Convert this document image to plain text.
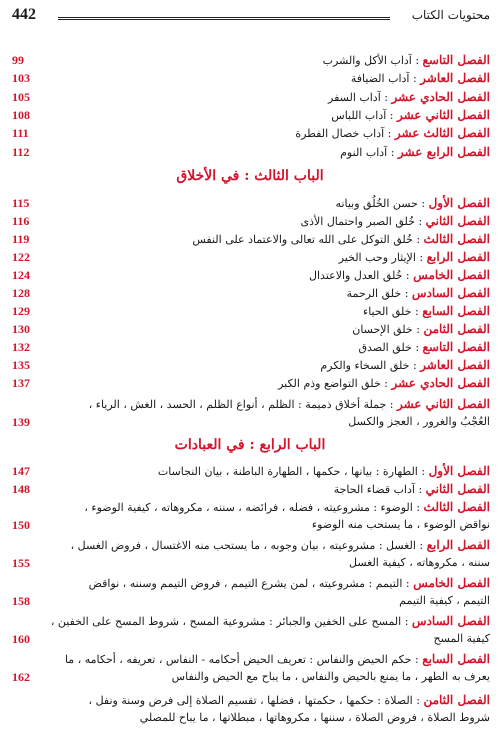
442	محتويات الكتاب
الفصل التاسع : آداب الأكل والشرب
99
الفصل العاشر : آداب الضيافة
103
الفصل الحادي عشر : آداب السفر
105
الفصل الثاني عشر : آداب اللباس
108
الفصل الثالث عشر : آداب خصال الفطرة
111
الفصل الرابع عشر : آداب النوم
112
الباب الثالث : في الأخلاق
الفصل الأول : حسن الخُلُق وبيانه
115
الفصل الثاني : خُلق الصبر واحتمال الأذى
116
الفصل الثالث : خُلق التوكل على الله تعالى والاعتماد على النفس
119
الفصل الرابع : الإيثار وحب الخير
122
الفصل الخامس : خُلق العدل والاعتدال
124
الفصل السادس : خلق الرحمة
128
الفصل السابع : خلق الحياء
129
الفصل الثامن : خلق الإحسان
130
الفصل التاسع : خلق الصدق
132
الفصل العاشر : خلق السخاء والكرم
135
الفصل الحادي عشر : خلق التواضع وذم الكبر
137
الفصل الثاني عشر : جملة أخلاق ذميمة : الظلم ، أنواع الظلم ، الحسد ، الغش ، الرياء ،
العُجْبُ والغرور ، العجز والكسل
139
الباب الرابع : في العبادات
الفصل الأول : الطهارة : بيانها ، حكمها ، الطهارة الباطنة ، بيان النجاسات
147
الفصل الثاني : آداب قضاء الحاجة
148
الفصل الثالث : الوضوء : مشروعيته ، فضله ، فرائضه ، سننه ، مكروهاته ، كيفية الوضوء ،
نواقض الوضوء ، ما يستحب منه الوضوء
150
الفصل الرابع : الغسل : مشروعيته ، بيان وجوبه ، ما يستحب منه الاغتسال ، فروض الغسل ،
سننه ، مكروهاته ، كيفية الغسل
155
الفصل الخامس : التيمم : مشروعيته ، لمن يشرع التيمم ، فروض التيمم وسننه ، نواقض
التيمم ، كيفية التيمم
158
الفصل السادس : المسح على الخفين والجبائر : مشروعية المسح ، شروط المسح على الخفين ،
كيفية المسح
160
الفصل السابع : حكم الحيض والنفاس : تعريف الحيض أحكامه - النفاس ، تعريفه ، أحكامه ، ما
يعرف به الطهر ، ما يمنع بالحيض والنفاس ، ما يباح مع الحيض والنفاس
162
الفصل الثامن : الصلاة : حكمها ، حكمتها ، فضلها ، تقسيم الصلاة إلى فرض وسنة ونفل ،
شروط الصلاة ، فروض الصلاة ، سننها ، مكروهاتها ، مبطلاتها ، ما يباح للمصلي
